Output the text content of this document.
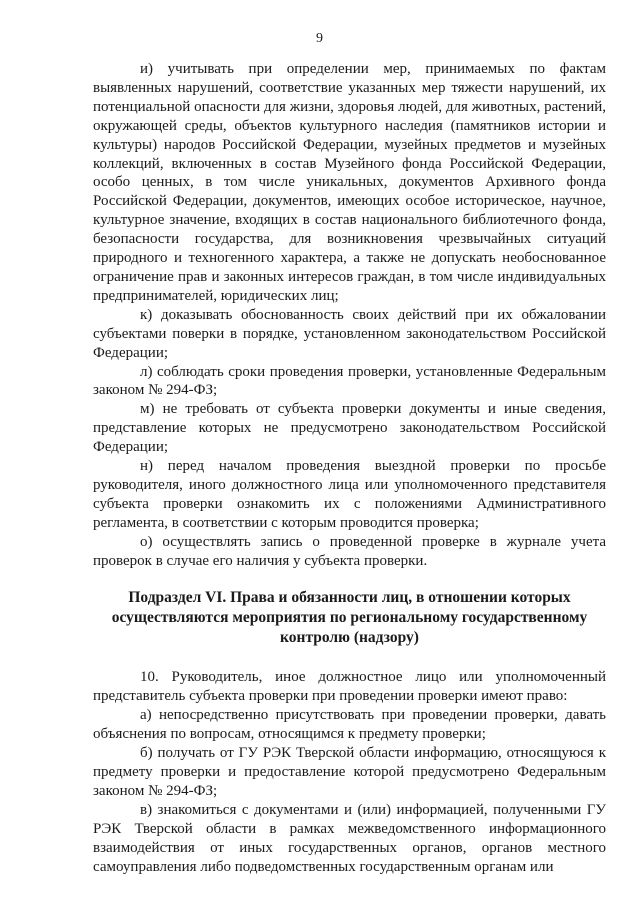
9

и) учитывать при определении мер, принимаемых по фактам выявленных нарушений, соответствие указанных мер тяжести нарушений, их потенциальной опасности для жизни, здоровья людей, для животных, растений, окружающей среды, объектов культурного наследия (памятников истории и культуры) народов Российской Федерации, музейных предметов и музейных коллекций, включенных в состав Музейного фонда Российской Федерации, особо ценных, в том числе уникальных, документов Архивного фонда Российской Федерации, документов, имеющих особое историческое, научное, культурное значение, входящих в состав национального библиотечного фонда, безопасности государства, для возникновения чрезвычайных ситуаций природного и техногенного характера, а также не допускать необоснованное ограничение прав и законных интересов граждан, в том числе индивидуальных предпринимателей, юридических лиц;

к) доказывать обоснованность своих действий при их обжаловании субъектами поверки в порядке, установленном законодательством Российской Федерации;

л) соблюдать сроки проведения проверки, установленные Федеральным законом № 294-ФЗ;

м) не требовать от субъекта проверки документы и иные сведения, представление которых не предусмотрено законодательством Российской Федерации;

н) перед началом проведения выездной проверки по просьбе руководителя, иного должностного лица или уполномоченного представителя субъекта проверки ознакомить их с положениями Административного регламента, в соответствии с которым проводится проверка;

о) осуществлять запись о проведенной проверке в журнале учета проверок в случае его наличия у субъекта проверки.

Подраздел VI. Права и обязанности лиц, в отношении которых осуществляются мероприятия по региональному государственному контролю (надзору)

10. Руководитель, иное должностное лицо или уполномоченный представитель субъекта проверки при проведении проверки имеют право:

а) непосредственно присутствовать при проведении проверки, давать объяснения по вопросам, относящимся к предмету проверки;

б) получать от ГУ РЭК Тверской области информацию, относящуюся к предмету проверки и предоставление которой предусмотрено Федеральным законом № 294-ФЗ;

в) знакомиться с документами и (или) информацией, полученными ГУ РЭК Тверской области в рамках межведомственного информационного взаимодействия от иных государственных органов, органов местного самоуправления либо подведомственных государственным органам или
